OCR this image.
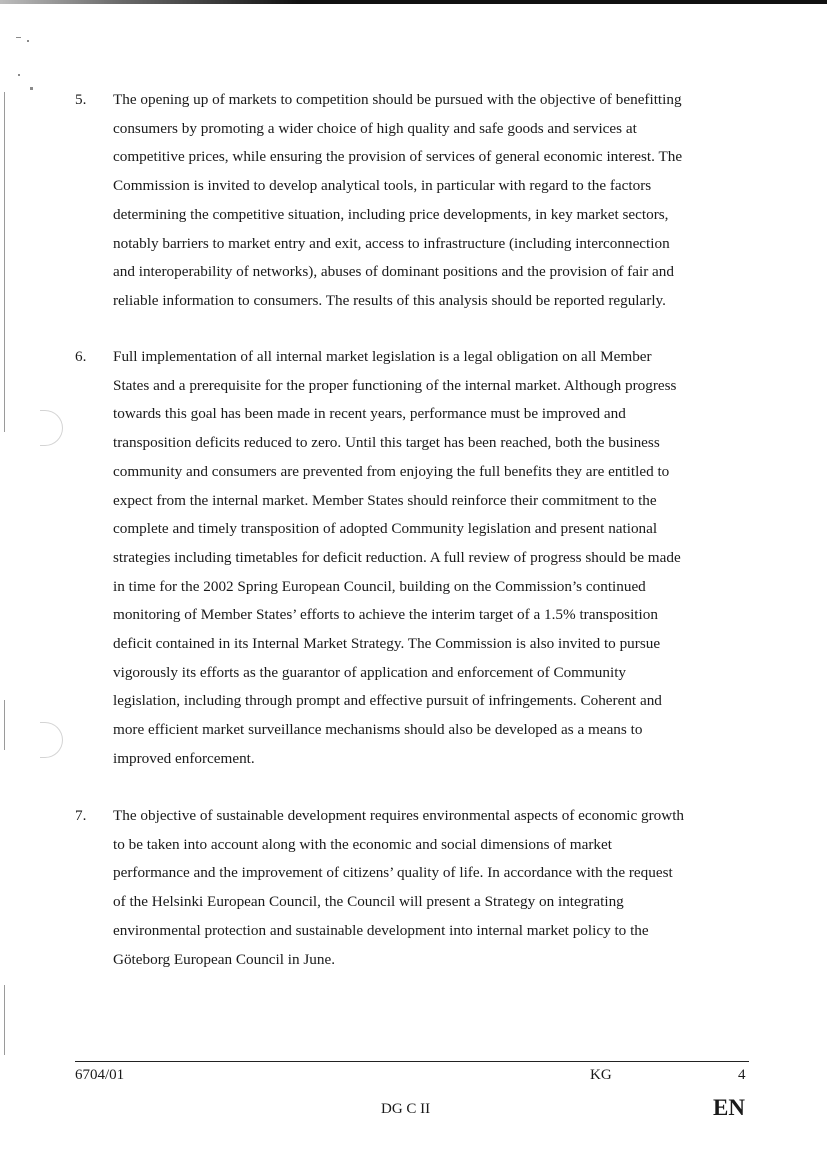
5. The opening up of markets to competition should be pursued with the objective of benefitting
consumers by promoting a wider choice of high quality and safe goods and services at
competitive prices, while ensuring the provision of services of general economic interest. The
Commission is invited to develop analytical tools, in particular with regard to the factors
determining the competitive situation, including price developments, in key market sectors,
notably barriers to market entry and exit, access to infrastructure (including interconnection
and interoperability of networks), abuses of dominant positions and the provision of fair and
reliable information to consumers. The results of this analysis should be reported regularly.
6. Full implementation of all internal market legislation is a legal obligation on all Member
States and a prerequisite for the proper functioning of the internal market. Although progress
towards this goal has been made in recent years, performance must be improved and
transposition deficits reduced to zero. Until this target has been reached, both the business
community and consumers are prevented from enjoying the full benefits they are entitled to
expect from the internal market. Member States should reinforce their commitment to the
complete and timely transposition of adopted Community legislation and present national
strategies including timetables for deficit reduction. A full review of progress should be made
in time for the 2002 Spring European Council, building on the Commission’s continued
monitoring of Member States’ efforts to achieve the interim target of a 1.5% transposition
deficit contained in its Internal Market Strategy. The Commission is also invited to pursue
vigorously its efforts as the guarantor of application and enforcement of Community
legislation, including through prompt and effective pursuit of infringements. Coherent and
more efficient market surveillance mechanisms should also be developed as a means to
improved enforcement.
7. The objective of sustainable development requires environmental aspects of economic growth
to be taken into account along with the economic and social dimensions of market
performance and the improvement of citizens’ quality of life. In accordance with the request
of the Helsinki European Council, the Council will present a Strategy on integrating
environmental protection and sustainable development into internal market policy to the
Göteborg European Council in June.
6704/01	KG	4
DG C II	EN
